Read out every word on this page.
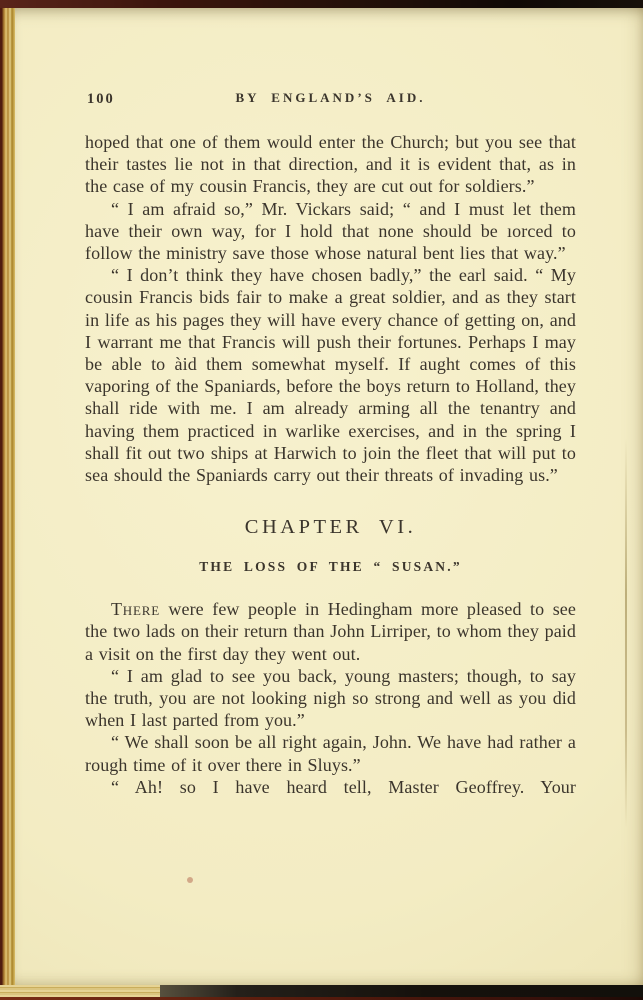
100	BY ENGLAND’S AID.

hoped that one of them would enter the Church; but you see that their tastes lie not in that direction, and it is evident that, as in the case of my cousin Francis, they are cut out for soldiers.”

“ I am afraid so,” Mr. Vickars said; “ and I must let them have their own way, for I hold that none should be ıorced to follow the ministry save those whose natural bent lies that way.”

“ I don’t think they have chosen badly,” the earl said. “ My cousin Francis bids fair to make a great soldier, and as they start in life as his pages they will have every chance of getting on, and I warrant me that Francis will push their fortunes. Perhaps I may be able to àid them somewhat myself. If aught comes of this vaporing of the Spaniards, before the boys return to Holland, they shall ride with me. I am already arming all the tenantry and having them practiced in warlike exercises, and in the spring I shall fit out two ships at Harwich to join the fleet that will put to sea should the Spaniards carry out their threats of invading us.”

CHAPTER VI.
THE LOSS OF THE “ SUSAN.”

There were few people in Hedingham more pleased to see the two lads on their return than John Lirriper, to whom they paid a visit on the first day they went out.

“ I am glad to see you back, young masters; though, to say the truth, you are not looking nigh so strong and well as you did when I last parted from you.”

“ We shall soon be all right again, John. We have had rather a rough time of it over there in Sluys.”

“ Ah! so I have heard tell, Master Geoffrey. Your
